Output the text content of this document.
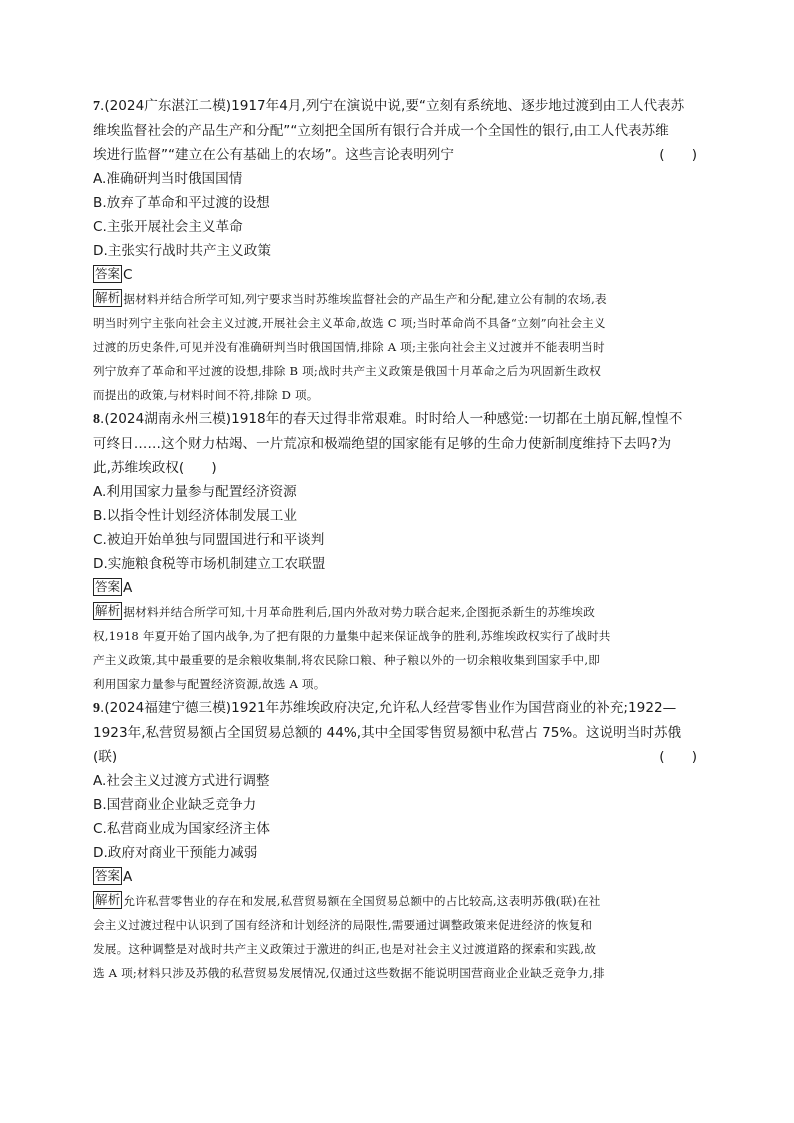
7.(2024广东湛江二模)1917年4月,列宁在演说中说,要“立刻有系统地、逐步地过渡到由工人代表苏
维埃监督社会的产品生产和分配”“立刻把全国所有银行合并成一个全国性的银行,由工人代表苏维
埃进行监督”“建立在公有基础上的农场”。这些言论表明列宁	(　　)
A.准确研判当时俄国国情
B.放弃了革命和平过渡的设想
C.主张开展社会主义革命
D.主张实行战时共产主义政策
答案 C
解析 据材料并结合所学可知,列宁要求当时苏维埃监督社会的产品生产和分配,建立公有制的农场,表
明当时列宁主张向社会主义过渡,开展社会主义革命,故选 C 项;当时革命尚不具备“立刻”向社会主义
过渡的历史条件,可见并没有准确研判当时俄国国情,排除 A 项;主张向社会主义过渡并不能表明当时
列宁放弃了革命和平过渡的设想,排除 B 项;战时共产主义政策是俄国十月革命之后为巩固新生政权
而提出的政策,与材料时间不符,排除 D 项。
8.(2024湖南永州三模)1918年的春天过得非常艰难。时时给人一种感觉:一切都在土崩瓦解,惶惶不
可终日……这个财力枯竭、一片荒凉和极端绝望的国家能有足够的生命力使新制度维持下去吗?为
此,苏维埃政权(　　)
A.利用国家力量参与配置经济资源
B.以指令性计划经济体制发展工业
C.被迫开始单独与同盟国进行和平谈判
D.实施粮食税等市场机制建立工农联盟
答案 A
解析 据材料并结合所学可知,十月革命胜利后,国内外敌对势力联合起来,企图扼杀新生的苏维埃政
权,1918 年夏开始了国内战争,为了把有限的力量集中起来保证战争的胜利,苏维埃政权实行了战时共
产主义政策,其中最重要的是余粮收集制,将农民除口粮、种子粮以外的一切余粮收集到国家手中,即
利用国家力量参与配置经济资源,故选 A 项。
9.(2024福建宁德三模)1921年苏维埃政府决定,允许私人经营零售业作为国营商业的补充;1922—
1923年,私营贸易额占全国贸易总额的 44%,其中全国零售贸易额中私营占 75%。这说明当时苏俄
(联)	(　　)
A.社会主义过渡方式进行调整
B.国营商业企业缺乏竞争力
C.私营商业成为国家经济主体
D.政府对商业干预能力减弱
答案 A
解析 允许私营零售业的存在和发展,私营贸易额在全国贸易总额中的占比较高,这表明苏俄(联)在社
会主义过渡过程中认识到了国有经济和计划经济的局限性,需要通过调整政策来促进经济的恢复和
发展。这种调整是对战时共产主义政策过于激进的纠正,也是对社会主义过渡道路的探索和实践,故
选 A 项;材料只涉及苏俄的私营贸易发展情况,仅通过这些数据不能说明国营商业企业缺乏竞争力,排
